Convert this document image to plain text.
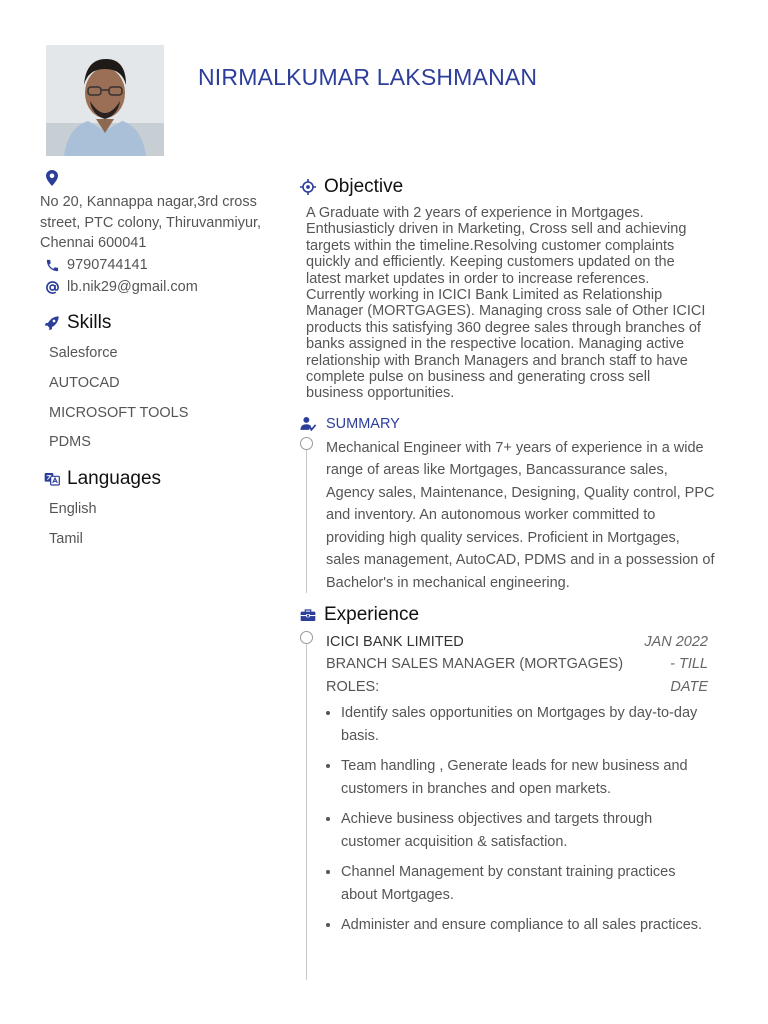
NIRMALKUMAR LAKSHMANAN
No 20, Kannappa nagar,3rd cross street, PTC colony, Thiruvanmiyur, Chennai 600041
9790744141
lb.nik29@gmail.com
Skills
Salesforce
AUTOCAD
MICROSOFT TOOLS
PDMS
Languages
English
Tamil
Objective
A Graduate with 2 years of experience in Mortgages. Enthusiasticly driven in Marketing, Cross sell and achieving targets within the timeline.Resolving customer complaints quickly and efficiently. Keeping customers updated on the latest market updates in order to increase references. Currently working in ICICI Bank Limited as Relationship Manager (MORTGAGES). Managing cross sale of Other ICICI products this satisfying 360 degree sales through branches of banks assigned in the respective location. Managing active relationship with Branch Managers and branch staff to have complete pulse on business and generating cross sell business opportunities.
SUMMARY
Mechanical Engineer with 7+ years of experience in a wide range of areas like Mortgages, Bancassurance sales, Agency sales, Maintenance, Designing, Quality control, PPC and inventory. An autonomous worker committed to providing high quality services. Proficient in Mortgages, sales management, AutoCAD, PDMS and in a possession of Bachelor's in mechanical engineering.
Experience
ICICI BANK LIMITED	JAN 2022
BRANCH SALES MANAGER (MORTGAGES)	- TILL
ROLES:	DATE
• Identify sales opportunities on Mortgages by day-to-day basis.
• Team handling , Generate leads for new business and customers in branches and open markets.
• Achieve business objectives and targets through customer acquisition & satisfaction.
• Channel Management by constant training practices about Mortgages.
• Administer and ensure compliance to all sales practices.
